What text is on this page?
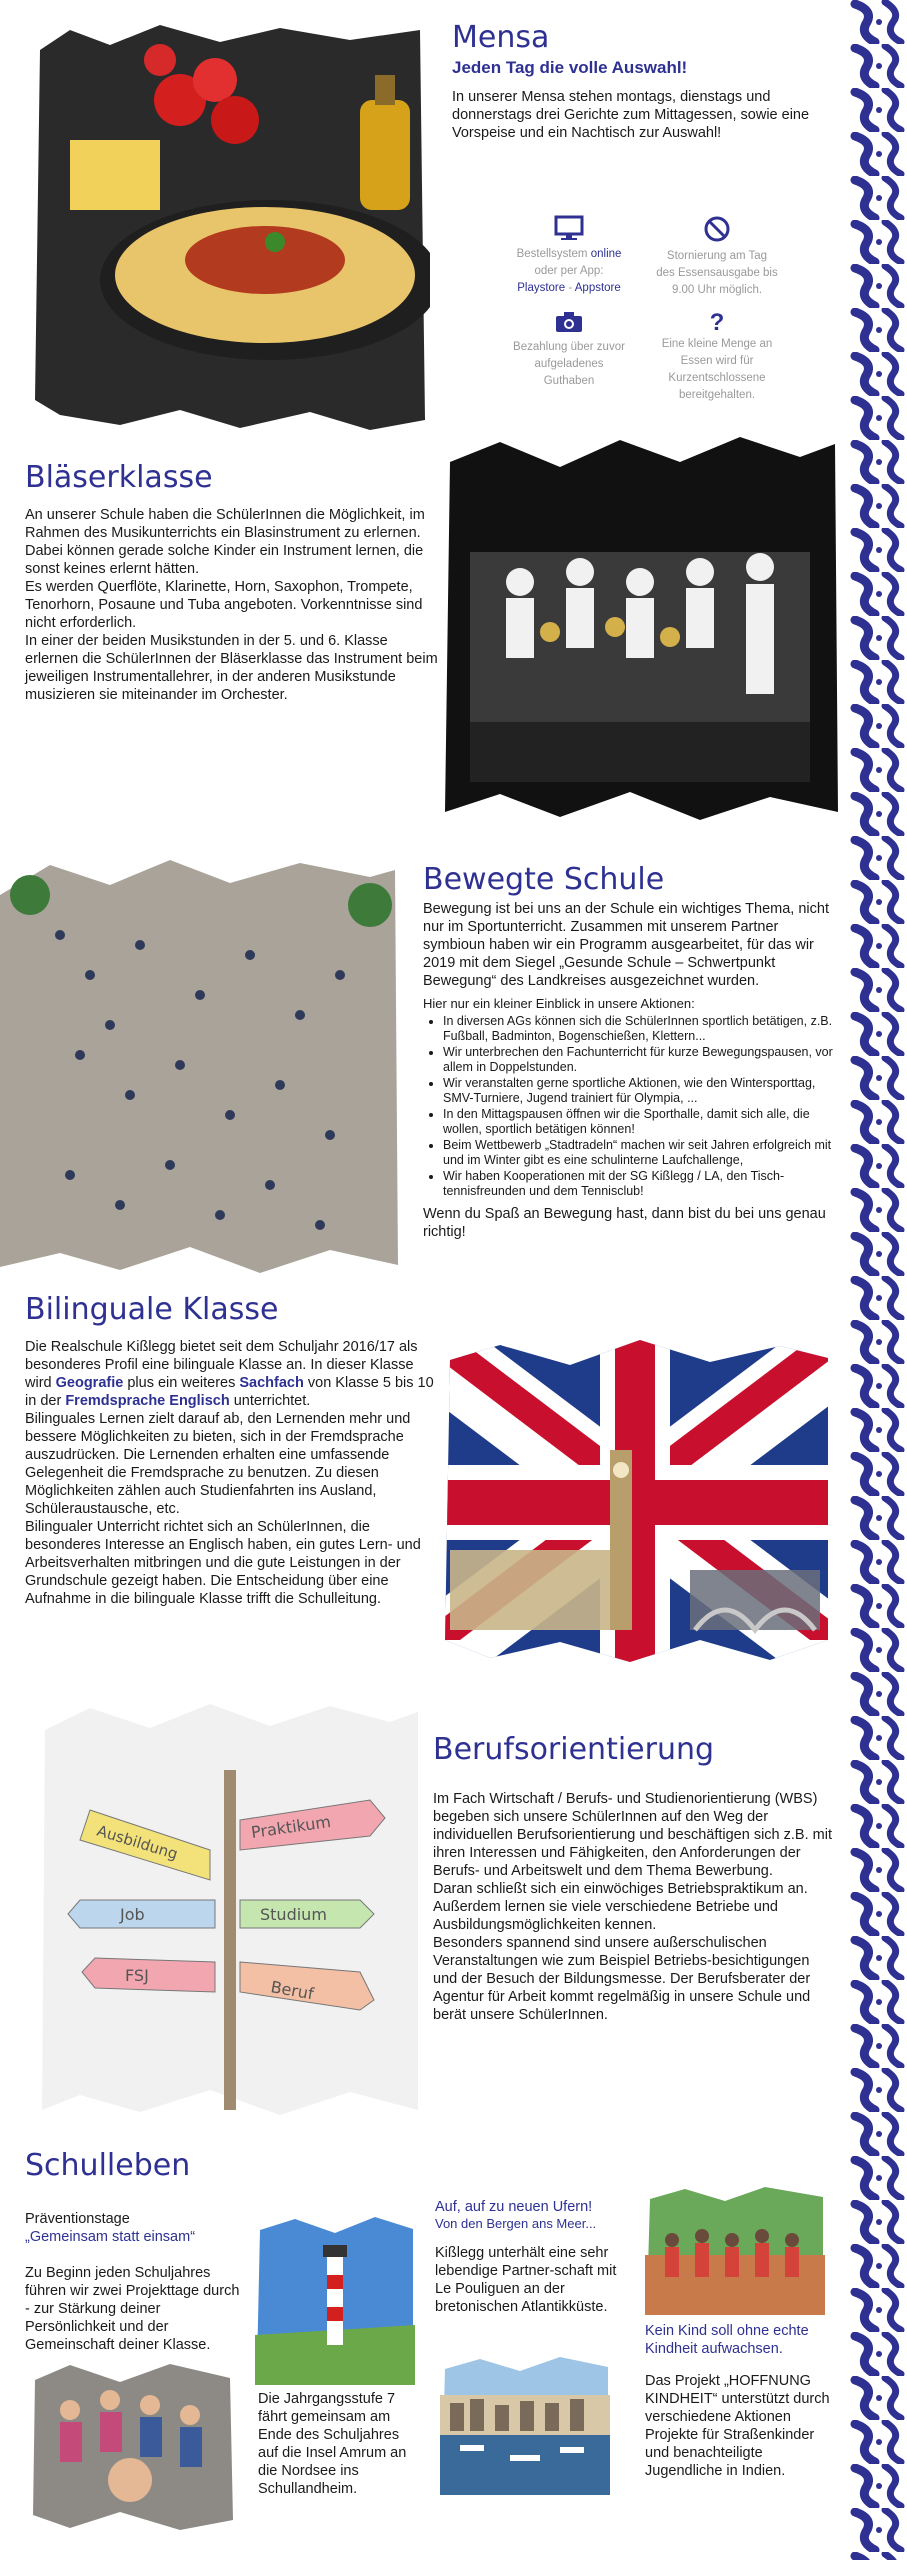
Mensa

Jeden Tag die volle Auswahl!

In unserer Mensa stehen montags, dienstags und donnerstags drei Gerichte zum Mittagessen, sowie eine Vorspeise und ein Nachtisch zur Auswahl!

Bestellsystem online
oder per App:
Playstore - Appstore
Stornierung am Tag
des Essensausgabe bis
9.00 Uhr möglich.
Bezahlung über zuvor
aufgeladenes
Guthaben
?
Eine kleine Menge an
Essen wird für
Kurzentschlossene
bereitgehalten.
Bläserklasse

An unserer Schule haben die SchülerInnen die Möglichkeit, im Rahmen des Musikunterrichts ein Blasinstrument zu erlernen. Dabei können gerade solche Kinder ein Instrument lernen, die sonst keines erlernt hätten.

Es werden Querflöte, Klarinette, Horn, Saxophon, Trompete, Tenorhorn, Posaune und Tuba angeboten. Vorkenntnisse sind nicht erforderlich.

In einer der beiden Musikstunden in der 5. und 6. Klasse erlernen die SchülerInnen der Bläserklasse das Instrument beim jeweiligen Instrumentallehrer, in der anderen Musikstunde musizieren sie miteinander im Orchester.

Bewegte Schule

Bewegung ist bei uns an der Schule ein wichtiges Thema, nicht nur im Sportunterricht. Zusammen mit unserem Partner symbioun haben wir ein Programm ausgearbeitet, für das wir 2019 mit dem Siegel „Gesunde Schule – Schwertpunkt Bewegung“ des Landkreises ausgezeichnet wurden.

Hier nur ein kleiner Einblick in unsere Aktionen:

• In diversen AGs können sich die SchülerInnen sportlich betätigen, z.B. Fußball, Badminton, Bogenschießen, Klettern...
• Wir unterbrechen den Fachunterricht für kurze Bewegungspausen, vor allem in Doppelstunden.
• Wir veranstalten gerne sportliche Aktionen, wie den Wintersporttag, SMV-Turniere, Jugend trainiert für Olympia, ...
• In den Mittagspausen öffnen wir die Sporthalle, damit sich alle, die wollen, sportlich betätigen können!
• Beim Wettbewerb „Stadtradeln“ machen wir seit Jahren erfolgreich mit und im Winter gibt es eine schulinterne Laufchallenge,
• Wir haben Kooperationen mit der SG Kißlegg / LA, den Tisch-tennisfreunden und dem Tennisclub!

Wenn du Spaß an Bewegung hast, dann bist du bei uns genau richtig!

Bilinguale Klasse

Die Realschule Kißlegg bietet seit dem Schuljahr 2016/17 als besonderes Profil eine bilinguale Klasse an. In dieser Klasse wird Geografie plus ein weiteres Sachfach von Klasse 5 bis 10 in der Fremdsprache Englisch unterrichtet.

Bilinguales Lernen zielt darauf ab, den Lernenden mehr und bessere Möglichkeiten zu bieten, sich in der Fremdsprache auszudrücken. Die Lernenden erhalten eine umfassende Gelegenheit die Fremdsprache zu benutzen. Zu diesen Möglichkeiten zählen auch Studienfahrten ins Ausland, Schüleraustausche, etc.

Bilingualer Unterricht richtet sich an SchülerInnen, die besonderes Interesse an Englisch haben, ein gutes Lern- und Arbeitsverhalten mitbringen und die gute Leistungen in der Grundschule gezeigt haben. Die Entscheidung über eine Aufnahme in die bilinguale Klasse trifft die Schulleitung.

Ausbildung	Praktikum
Job	Studium
FSJ
Beruf
Berufsorientierung

Im Fach Wirtschaft / Berufs- und Studienorientierung (WBS) begeben sich unsere SchülerInnen auf den Weg der individuellen Berufsorientierung und beschäftigen sich z.B. mit ihren Interessen und Fähigkeiten, den Anforderungen der Berufs- und Arbeitswelt und dem Thema Bewerbung.

Daran schließt sich ein einwöchiges Betriebspraktikum an. Außerdem lernen sie viele verschiedene Betriebe und Ausbildungsmöglichkeiten kennen.

Besonders spannend sind unsere außerschulischen Veranstaltungen wie zum Beispiel Betriebs-besichtigungen und der Besuch der Bildungsmesse. Der Berufsberater der Agentur für Arbeit kommt regelmäßig in unsere Schule und berät unsere SchülerInnen.

Schulleben

Präventionstage

„Gemeinsam statt einsam“

Zu Beginn jeden Schuljahres führen wir zwei Projekttage durch - zur Stärkung deiner Persönlichkeit und der Gemeinschaft deiner Klasse.

Die Jahrgangsstufe 7 fährt gemeinsam am Ende des Schuljahres auf die Insel Amrum an die Nordsee ins Schullandheim.

Auf, auf zu neuen Ufern!

Von den Bergen ans Meer...

Kißlegg unterhält eine sehr lebendige Partner-schaft mit Le Pouliguen an der bretonischen Atlantikküste.

Kein Kind soll ohne echte Kindheit aufwachsen.

Das Projekt „HOFFNUNG KINDHEIT“ unterstützt durch verschiedene Aktionen Projekte für Straßenkinder und benachteiligte Jugendliche in Indien.
